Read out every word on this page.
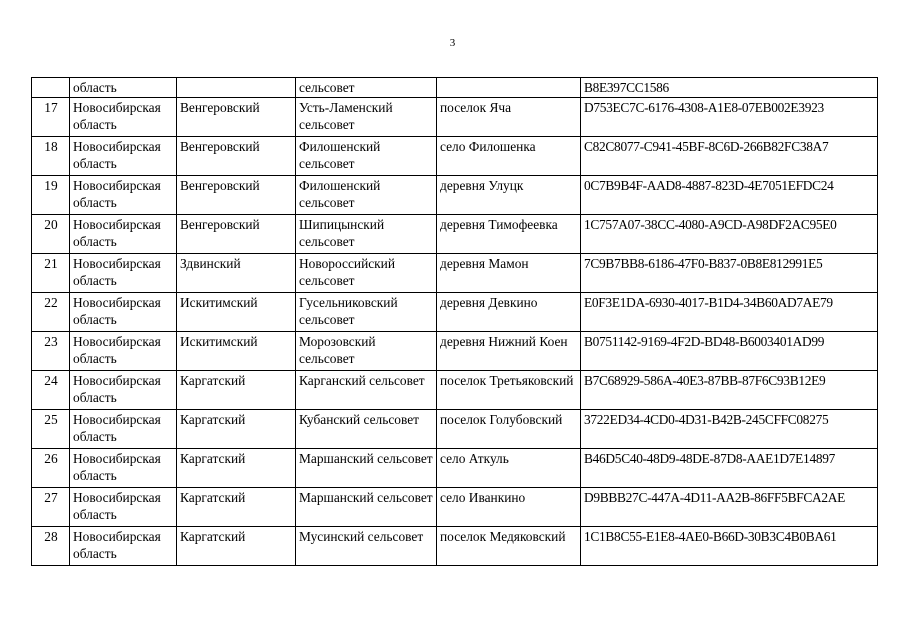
3
	область		сельсовет		B8E397CC1586
17	Новосибирская область	Венгеровский	Усть-Ламенский сельсовет	поселок Яча	D753EC7C-6176-4308-A1E8-07EB002E3923
18	Новосибирская область	Венгеровский	Филошенский сельсовет	село Филошенка	C82C8077-C941-45BF-8C6D-266B82FC38A7
19	Новосибирская область	Венгеровский	Филошенский сельсовет	деревня Улуцк	0C7B9B4F-AAD8-4887-823D-4E7051EFDC24
20	Новосибирская область	Венгеровский	Шипицынский сельсовет	деревня Тимофеевка	1C757A07-38CC-4080-A9CD-A98DF2AC95E0
21	Новосибирская область	Здвинский	Новороссийский сельсовет	деревня Мамон	7C9B7BB8-6186-47F0-B837-0B8E812991E5
22	Новосибирская область	Искитимский	Гусельниковский сельсовет	деревня Девкино	E0F3E1DA-6930-4017-B1D4-34B60AD7AE79
23	Новосибирская область	Искитимский	Морозовский сельсовет	деревня Нижний Коен	B0751142-9169-4F2D-BD48-B6003401AD99
24	Новосибирская область	Каргатский	Карганский сельсовет	поселок Третьяковский	B7C68929-586A-40E3-87BB-87F6C93B12E9
25	Новосибирская область	Каргатский	Кубанский сельсовет	поселок Голубовский	3722ED34-4CD0-4D31-B42B-245CFFC08275
26	Новосибирская область	Каргатский	Маршанский сельсовет	село Аткуль	B46D5C40-48D9-48DE-87D8-AAE1D7E14897
27	Новосибирская область	Каргатский	Маршанский сельсовет	село Иванкино	D9BBB27C-447A-4D11-AA2B-86FF5BFCA2AE
28	Новосибирская область	Каргатский	Мусинский сельсовет	поселок Медяковский	1C1B8C55-E1E8-4AE0-B66D-30B3C4B0BA61
